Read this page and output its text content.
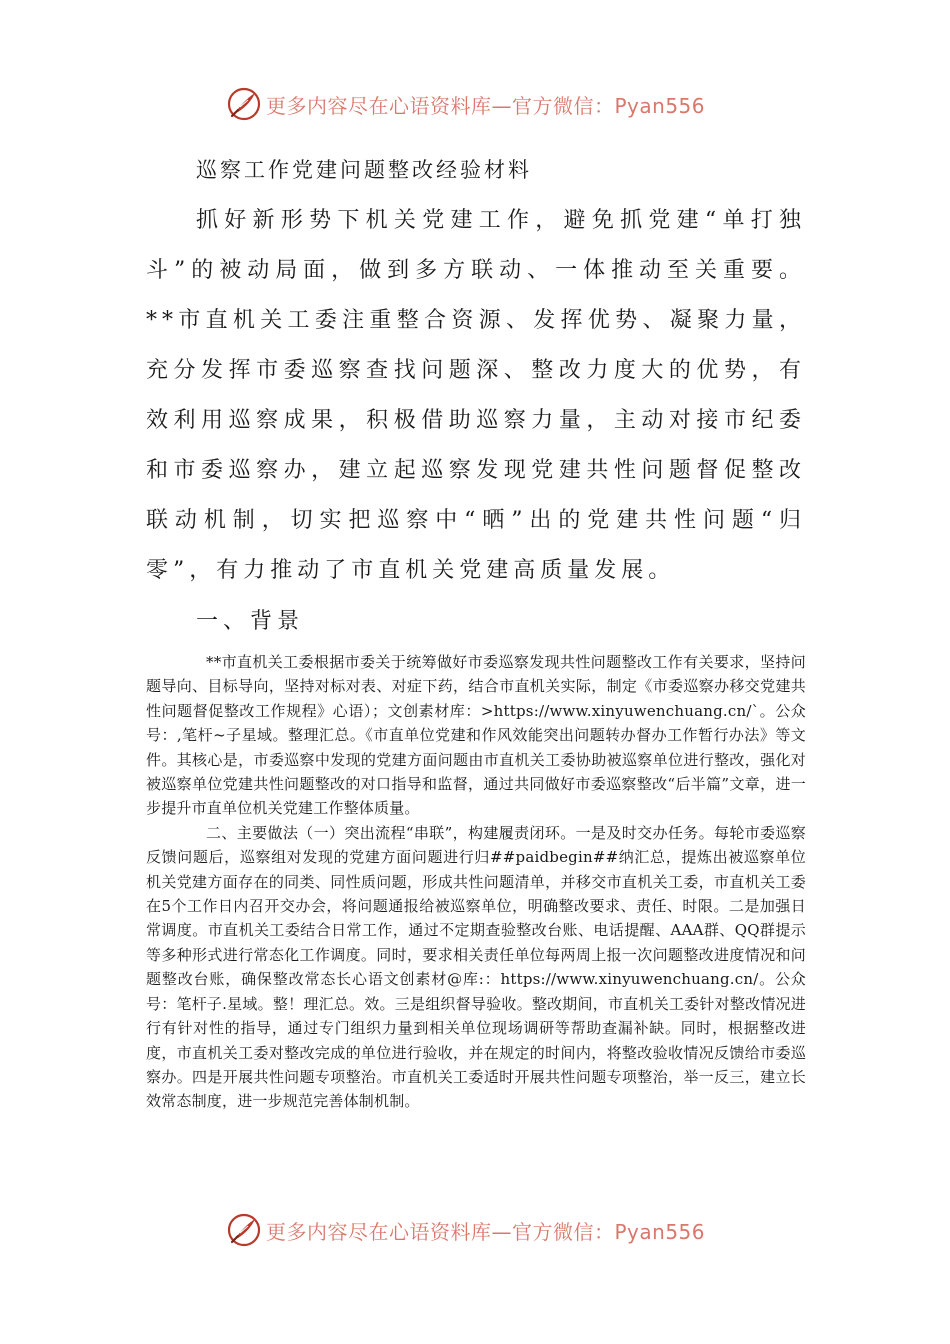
更多内容尽在心语资料库—官方微信：Pyan556
巡察工作党建问题整改经验材料

抓好新形势下机关党建工作，避免抓党建“单打独斗”的被动局面，做到多方联动、一体推动至关重要。**市直机关工委注重整合资源、发挥优势、凝聚力量，充分发挥市委巡察查找问题深、整改力度大的优势，有效利用巡察成果，积极借助巡察力量，主动对接市纪委和市委巡察办，建立起巡察发现党建共性问题督促整改联动机制，切实把巡察中“晒”出的党建共性问题“归零”，有力推动了市直机关党建高质量发展。

一、背景

**市直机关工委根据市委关于统筹做好市委巡察发现共性问题整改工作有关要求，坚持问题导向、目标导向，坚持对标对表、对症下药，结合市直机关实际，制定《市委巡察办移交党建共性问题督促整改工作规程》心语）；文创素材库：>https://www.xinyuwenchuang.cn/`。公众号：,笔杆~子星域。整理汇总。《市直单位党建和作风效能突出问题转办督办工作暂行办法》等文件。其核心是，市委巡察中发现的党建方面问题由市直机关工委协助被巡察单位进行整改，强化对被巡察单位党建共性问题整改的对口指导和监督，通过共同做好市委巡察整改“后半篇”文章，进一步提升市直单位机关党建工作整体质量。

二、主要做法（一）突出流程“串联”，构建履责闭环。一是及时交办任务。每轮市委巡察反馈问题后，巡察组对发现的党建方面问题进行归##paidbegin##纳汇总，提炼出被巡察单位机关党建方面存在的同类、同性质问题，形成共性问题清单，并移交市直机关工委，市直机关工委在5个工作日内召开交办会，将问题通报给被巡察单位，明确整改要求、责任、时限。二是加强日常调度。市直机关工委结合日常工作，通过不定期查验整改台账、电话提醒、AAA群、QQ群提示等多种形式进行常态化工作调度。同时，要求相关责任单位每两周上报一次问题整改进度情况和问题整改台账，确保整改常态长心语文创素材@库:：https://www.xinyuwenchuang.cn/。公众号：笔杆子.星域。整！理汇总。效。三是组织督导验收。整改期间，市直机关工委针对整改情况进行有针对性的指导，通过专门组织力量到相关单位现场调研等帮助查漏补缺。同时，根据整改进度，市直机关工委对整改完成的单位进行验收，并在规定的时间内，将整改验收情况反馈给市委巡察办。四是开展共性问题专项整治。市直机关工委适时开展共性问题专项整治，举一反三，建立长效常态制度，进一步规范完善体制机制。

更多内容尽在心语资料库—官方微信：Pyan556
